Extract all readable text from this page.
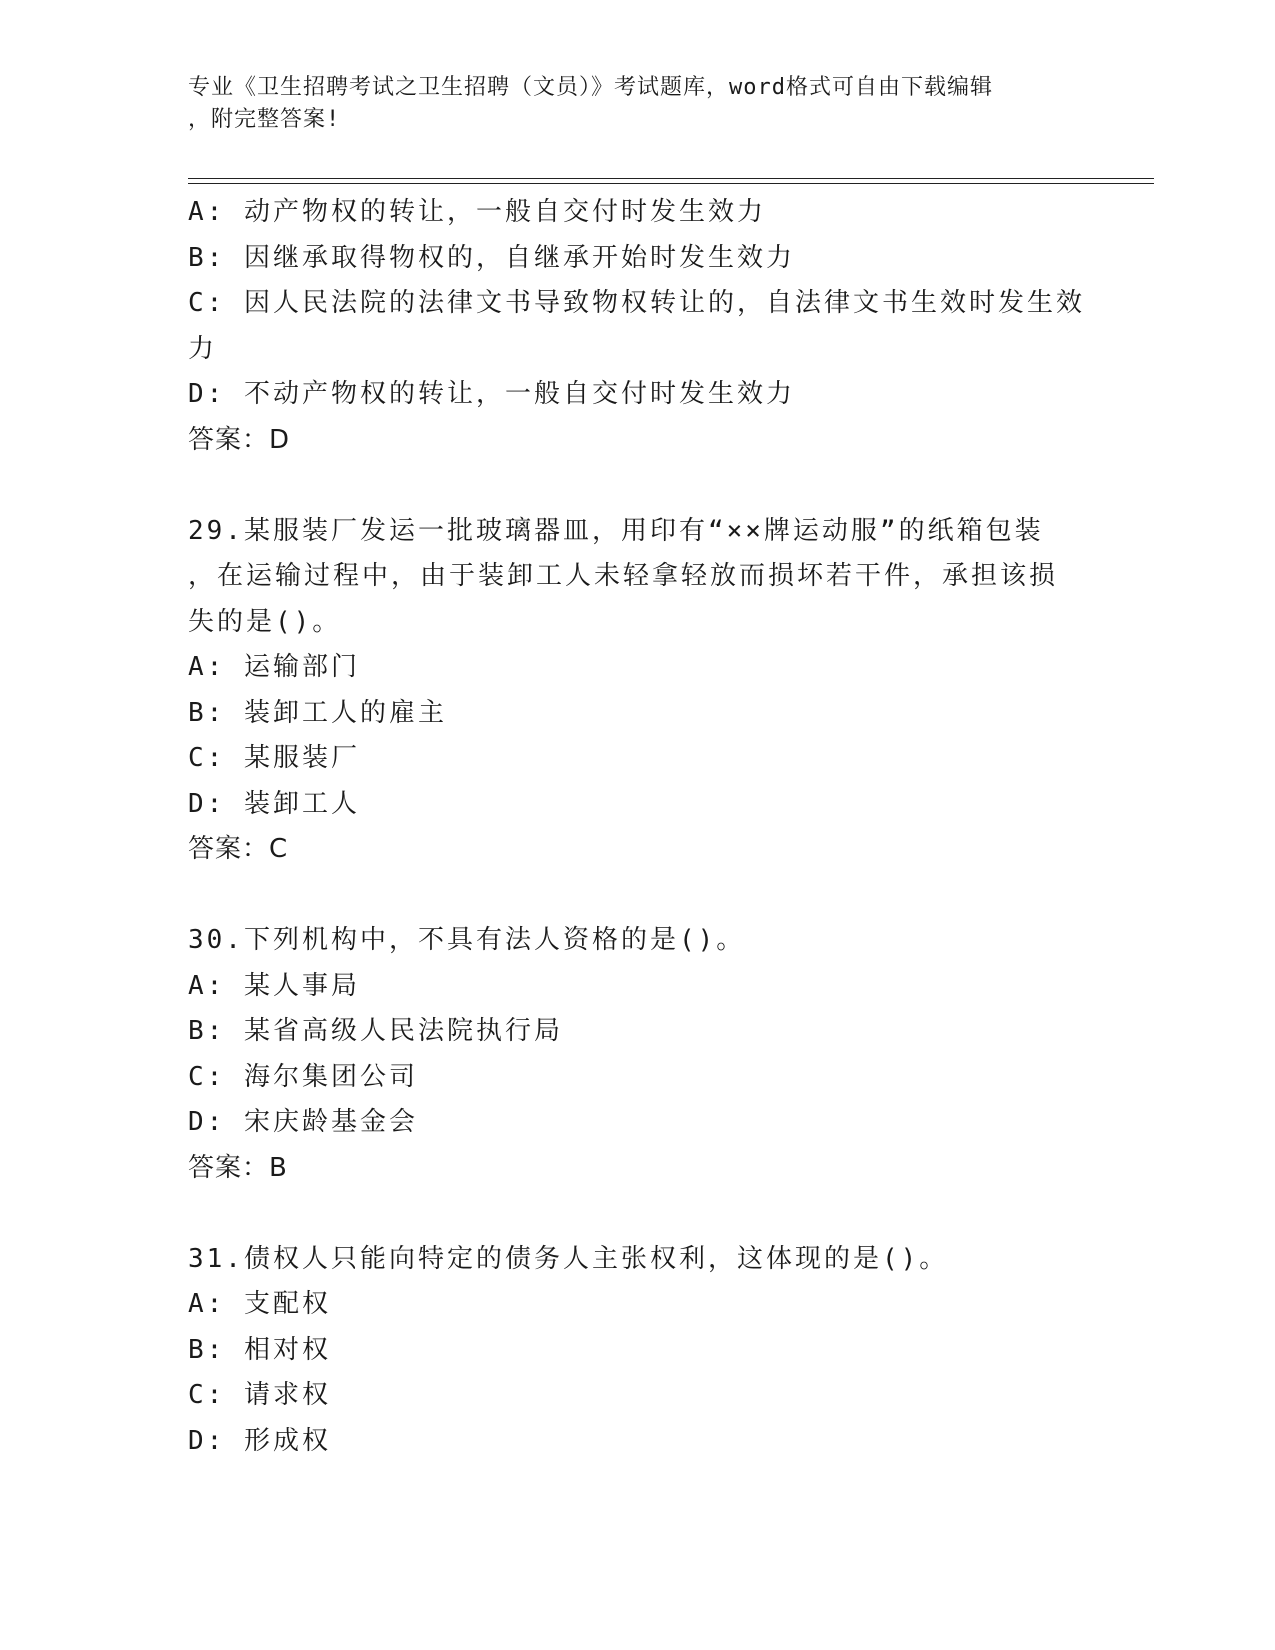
专业《卫生招聘考试之卫生招聘（文员）》考试题库，word格式可自由下载编辑
，附完整答案!
A: 动产物权的转让，一般自交付时发生效力
B: 因继承取得物权的，自继承开始时发生效力
C: 因人民法院的法律文书导致物权转让的，自法律文书生效时发生效
力
D: 不动产物权的转让，一般自交付时发生效力
答案：D
29.某服装厂发运一批玻璃器皿，用印有“××牌运动服”的纸箱包装
，在运输过程中，由于装卸工人未轻拿轻放而损坏若干件，承担该损
失的是()。
A: 运输部门
B: 装卸工人的雇主
C: 某服装厂
D: 装卸工人
答案：C
30.下列机构中，不具有法人资格的是()。
A: 某人事局
B: 某省高级人民法院执行局
C: 海尔集团公司
D: 宋庆龄基金会
答案：B
31.债权人只能向特定的债务人主张权利，这体现的是()。
A: 支配权
B: 相对权
C: 请求权
D: 形成权
